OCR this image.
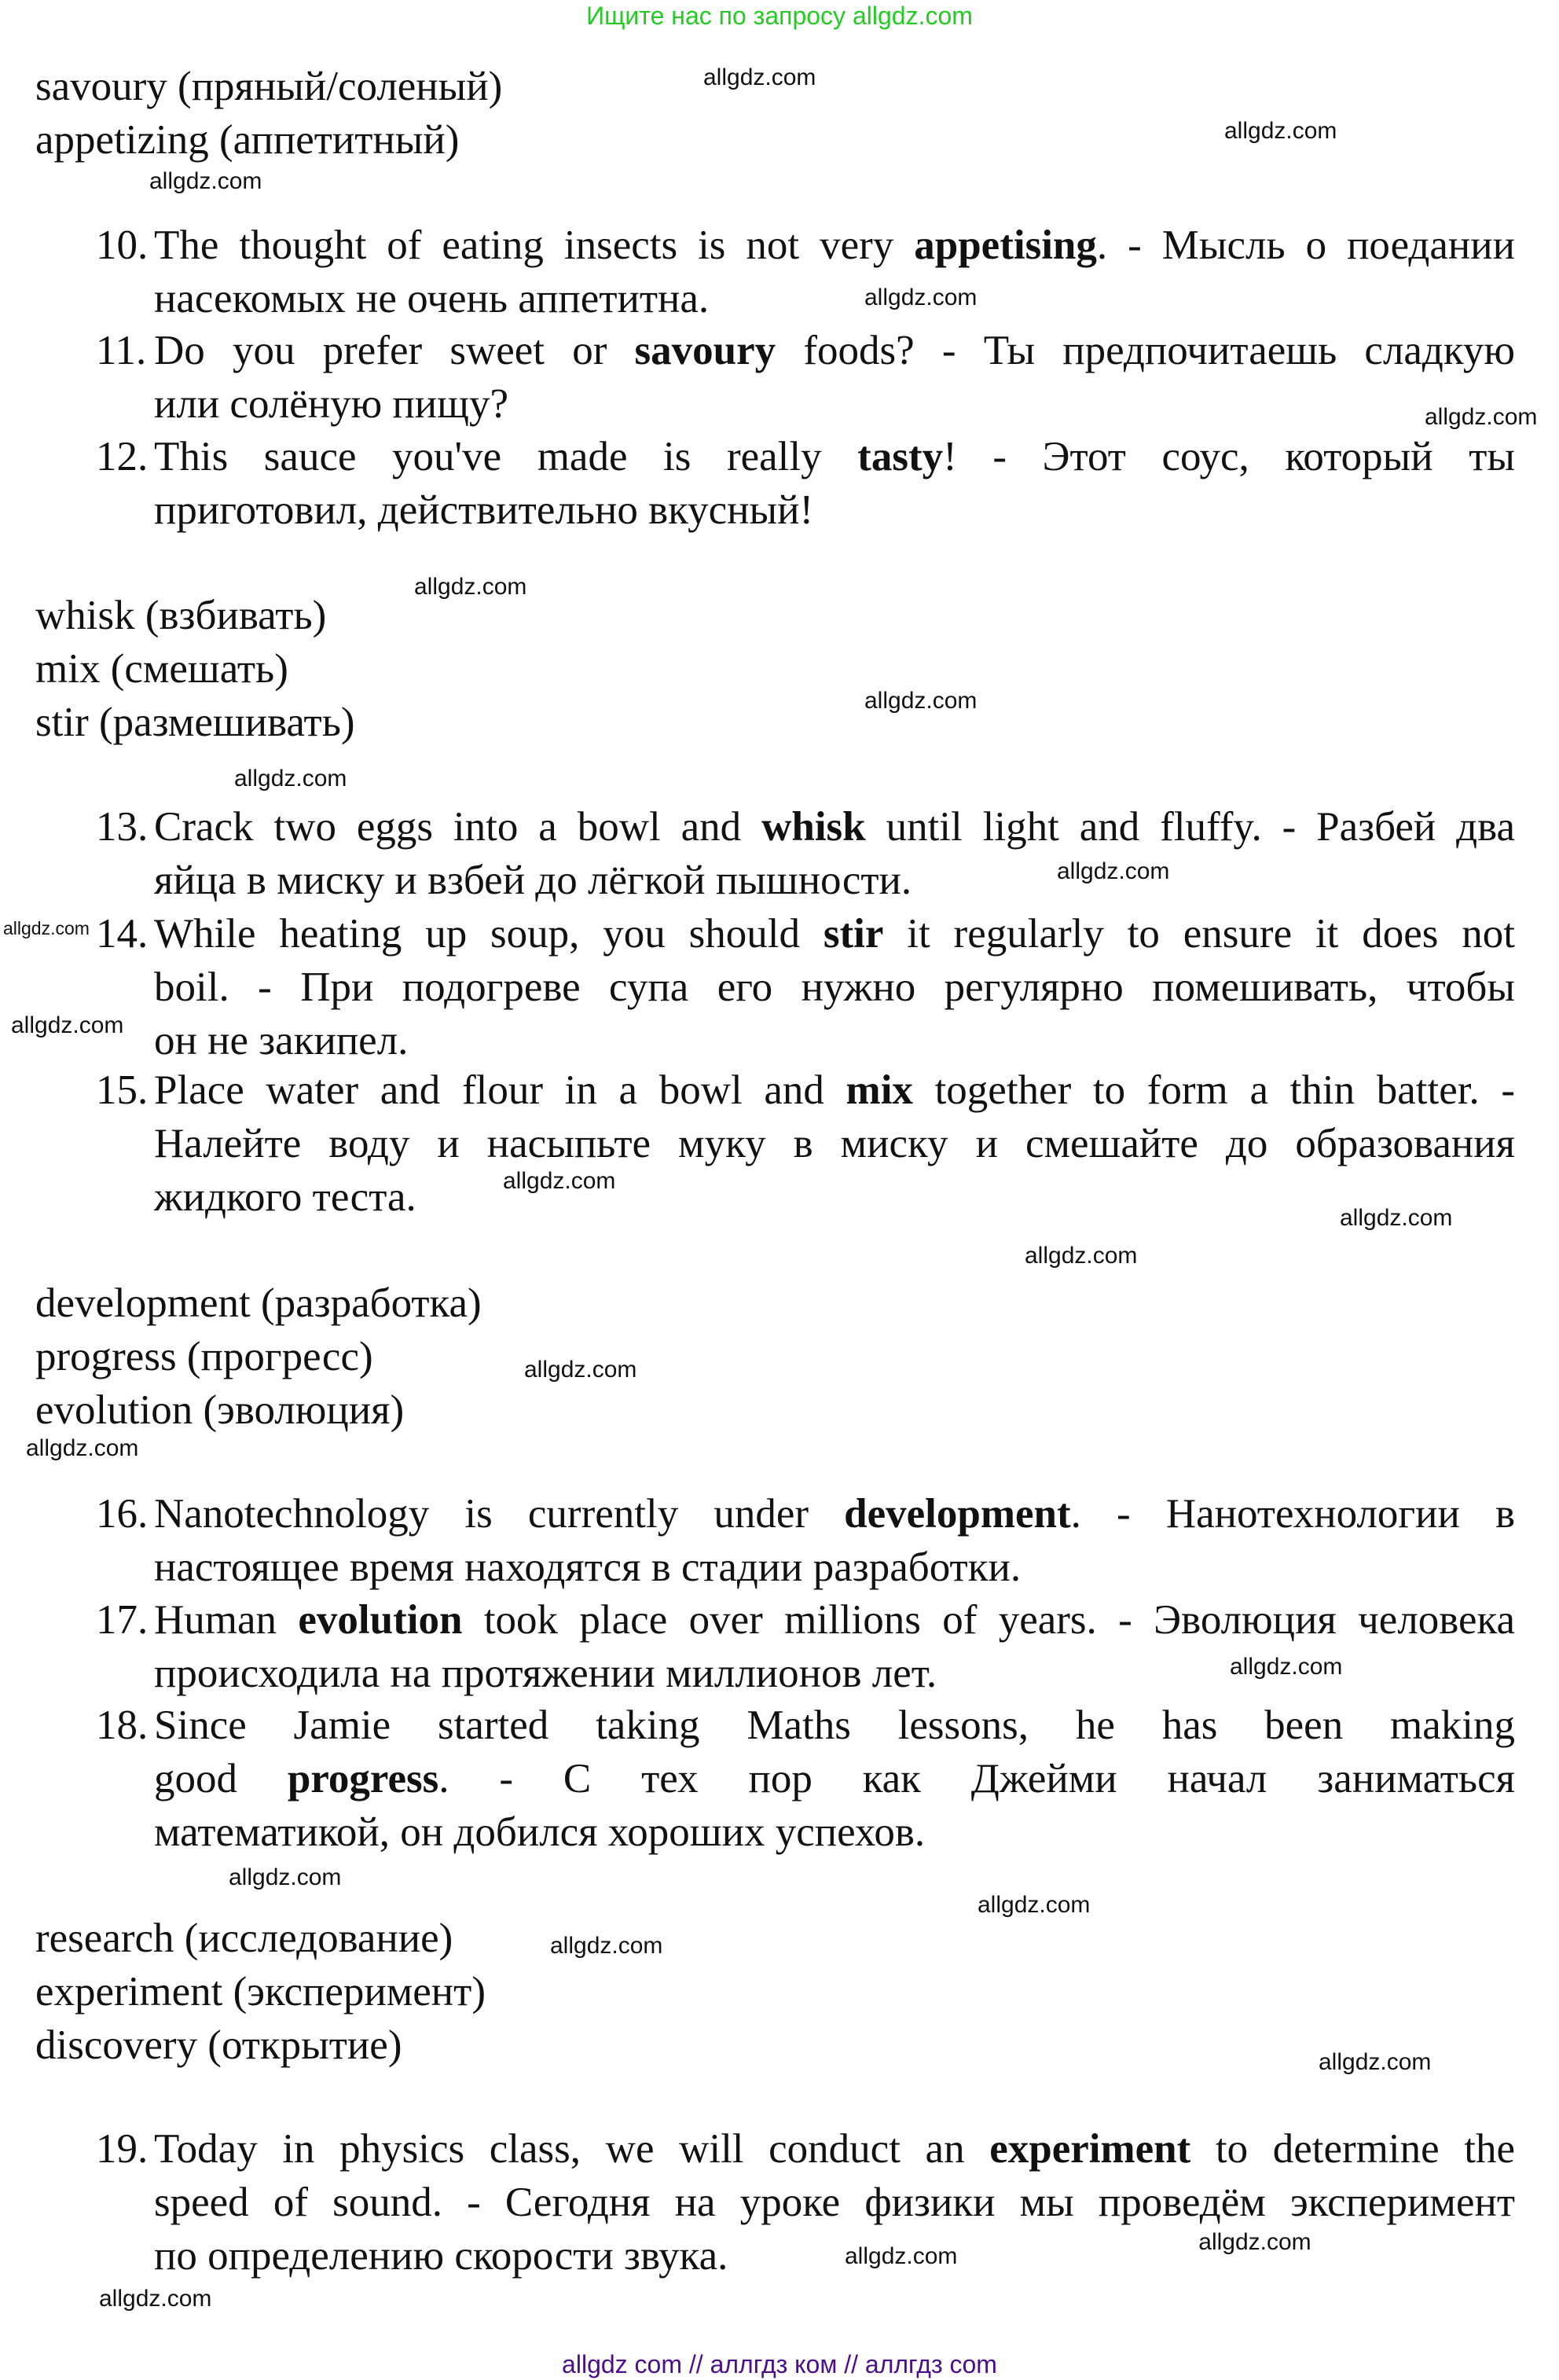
Ищите нас по запросу allgdz.com
savoury (пряный/соленый)
appetizing (аппетитный)
10. The thought of eating insects is not very appetising. - Мысль о поедании
насекомых не очень аппетитна.
11. Do you prefer sweet or savoury foods? - Ты предпочитаешь сладкую
или солёную пищу?
12. This sauce you've made is really tasty! - Этот соус, который ты
приготовил, действительно вкусный!
whisk (взбивать)
mix (смешать)
stir (размешивать)
13. Crack two eggs into a bowl and whisk until light and fluffy. - Разбей два
яйца в миску и взбей до лёгкой пышности.
14. While heating up soup, you should stir it regularly to ensure it does not
boil. - При подогреве супа его нужно регулярно помешивать, чтобы
он не закипел.
15. Place water and flour in a bowl and mix together to form a thin batter. -
Налейте воду и насыпьте муку в миску и смешайте до образования
жидкого теста.
development (разработка)
progress (прогресс)
evolution (эволюция)
16. Nanotechnology is currently under development. - Нанотехнологии в
настоящее время находятся в стадии разработки.
17. Human evolution took place over millions of years. - Эволюция человека
происходила на протяжении миллионов лет.
18. Since Jamie started taking Maths lessons, he has been making
good progress. - С тех пор как Джейми начал заниматься
математикой, он добился хороших успехов.
research (исследование)
experiment (эксперимент)
discovery (открытие)
19. Today in physics class, we will conduct an experiment to determine the
speed of sound. - Сегодня на уроке физики мы проведём эксперимент
по определению скорости звука.
allgdz.com
allgdz.com
allgdz.com
allgdz.com
allgdz.com
allgdz.com
allgdz.com
allgdz.com
allgdz.com
allgdz.com
allgdz.com
allgdz.com
allgdz.com
allgdz.com
allgdz.com
allgdz.com
allgdz.com
allgdz.com
allgdz.com
allgdz.com
allgdz.com
allgdz.com
allgdz.com
allgdz.com
allgdz com // аллгдз ком // аллгдз com
